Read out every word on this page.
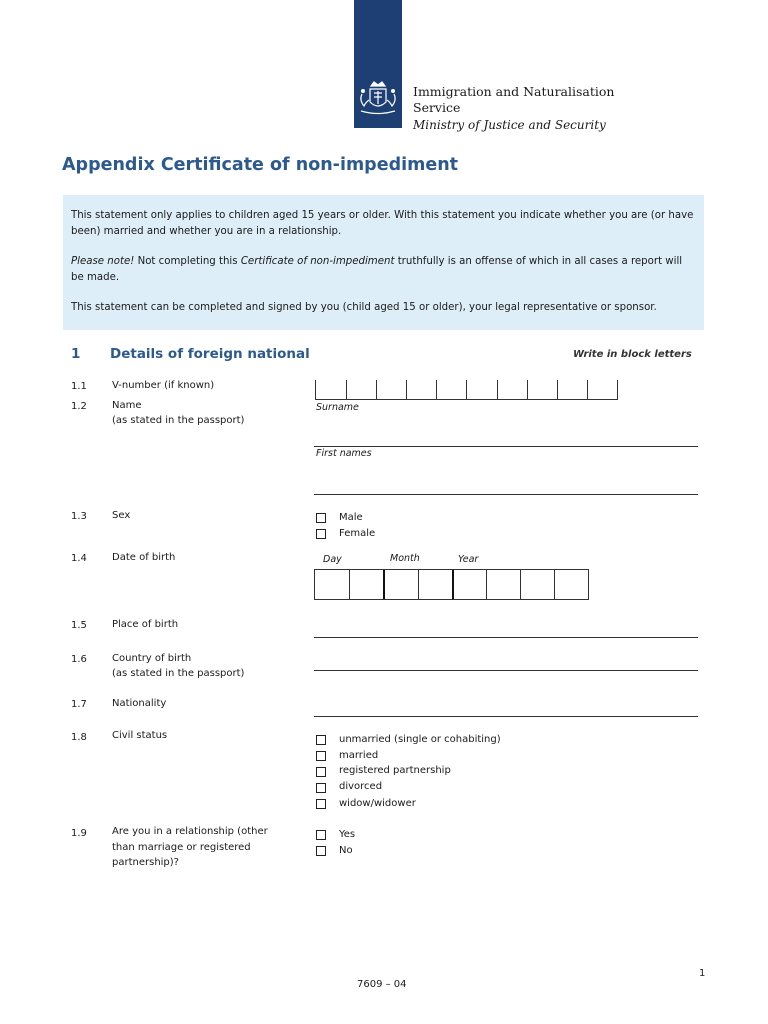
Immigration and Naturalisation
Service
Ministry of Justice and Security
Appendix Certificate of non-impediment
This statement only applies to children aged 15 years or older. With this statement you indicate whether you are (or have been) married and whether you are in a relationship.
Please note! Not completing this Certificate of non-impediment truthfully is an offense of which in all cases a report will be made.
This statement can be completed and signed by you (child aged 15 or older), your legal representative or sponsor.
1 Details of foreign national	Write in block letters
1.1	V-number (if known)
1.2	Name
(as stated in the passport)
Surname
First names
1.3	Sex	Male
Female
1.4	Date of birth	Day	Month	Year
1.5	Place of birth
1.6	Country of birth
(as stated in the passport)
1.7	Nationality
1.8	Civil status	unmarried (single or cohabiting)
married
registered partnership
divorced
widow/widower
1.9	Are you in a relationship (other
than marriage or registered
partnership)?
Yes
No
1
7609 – 04
